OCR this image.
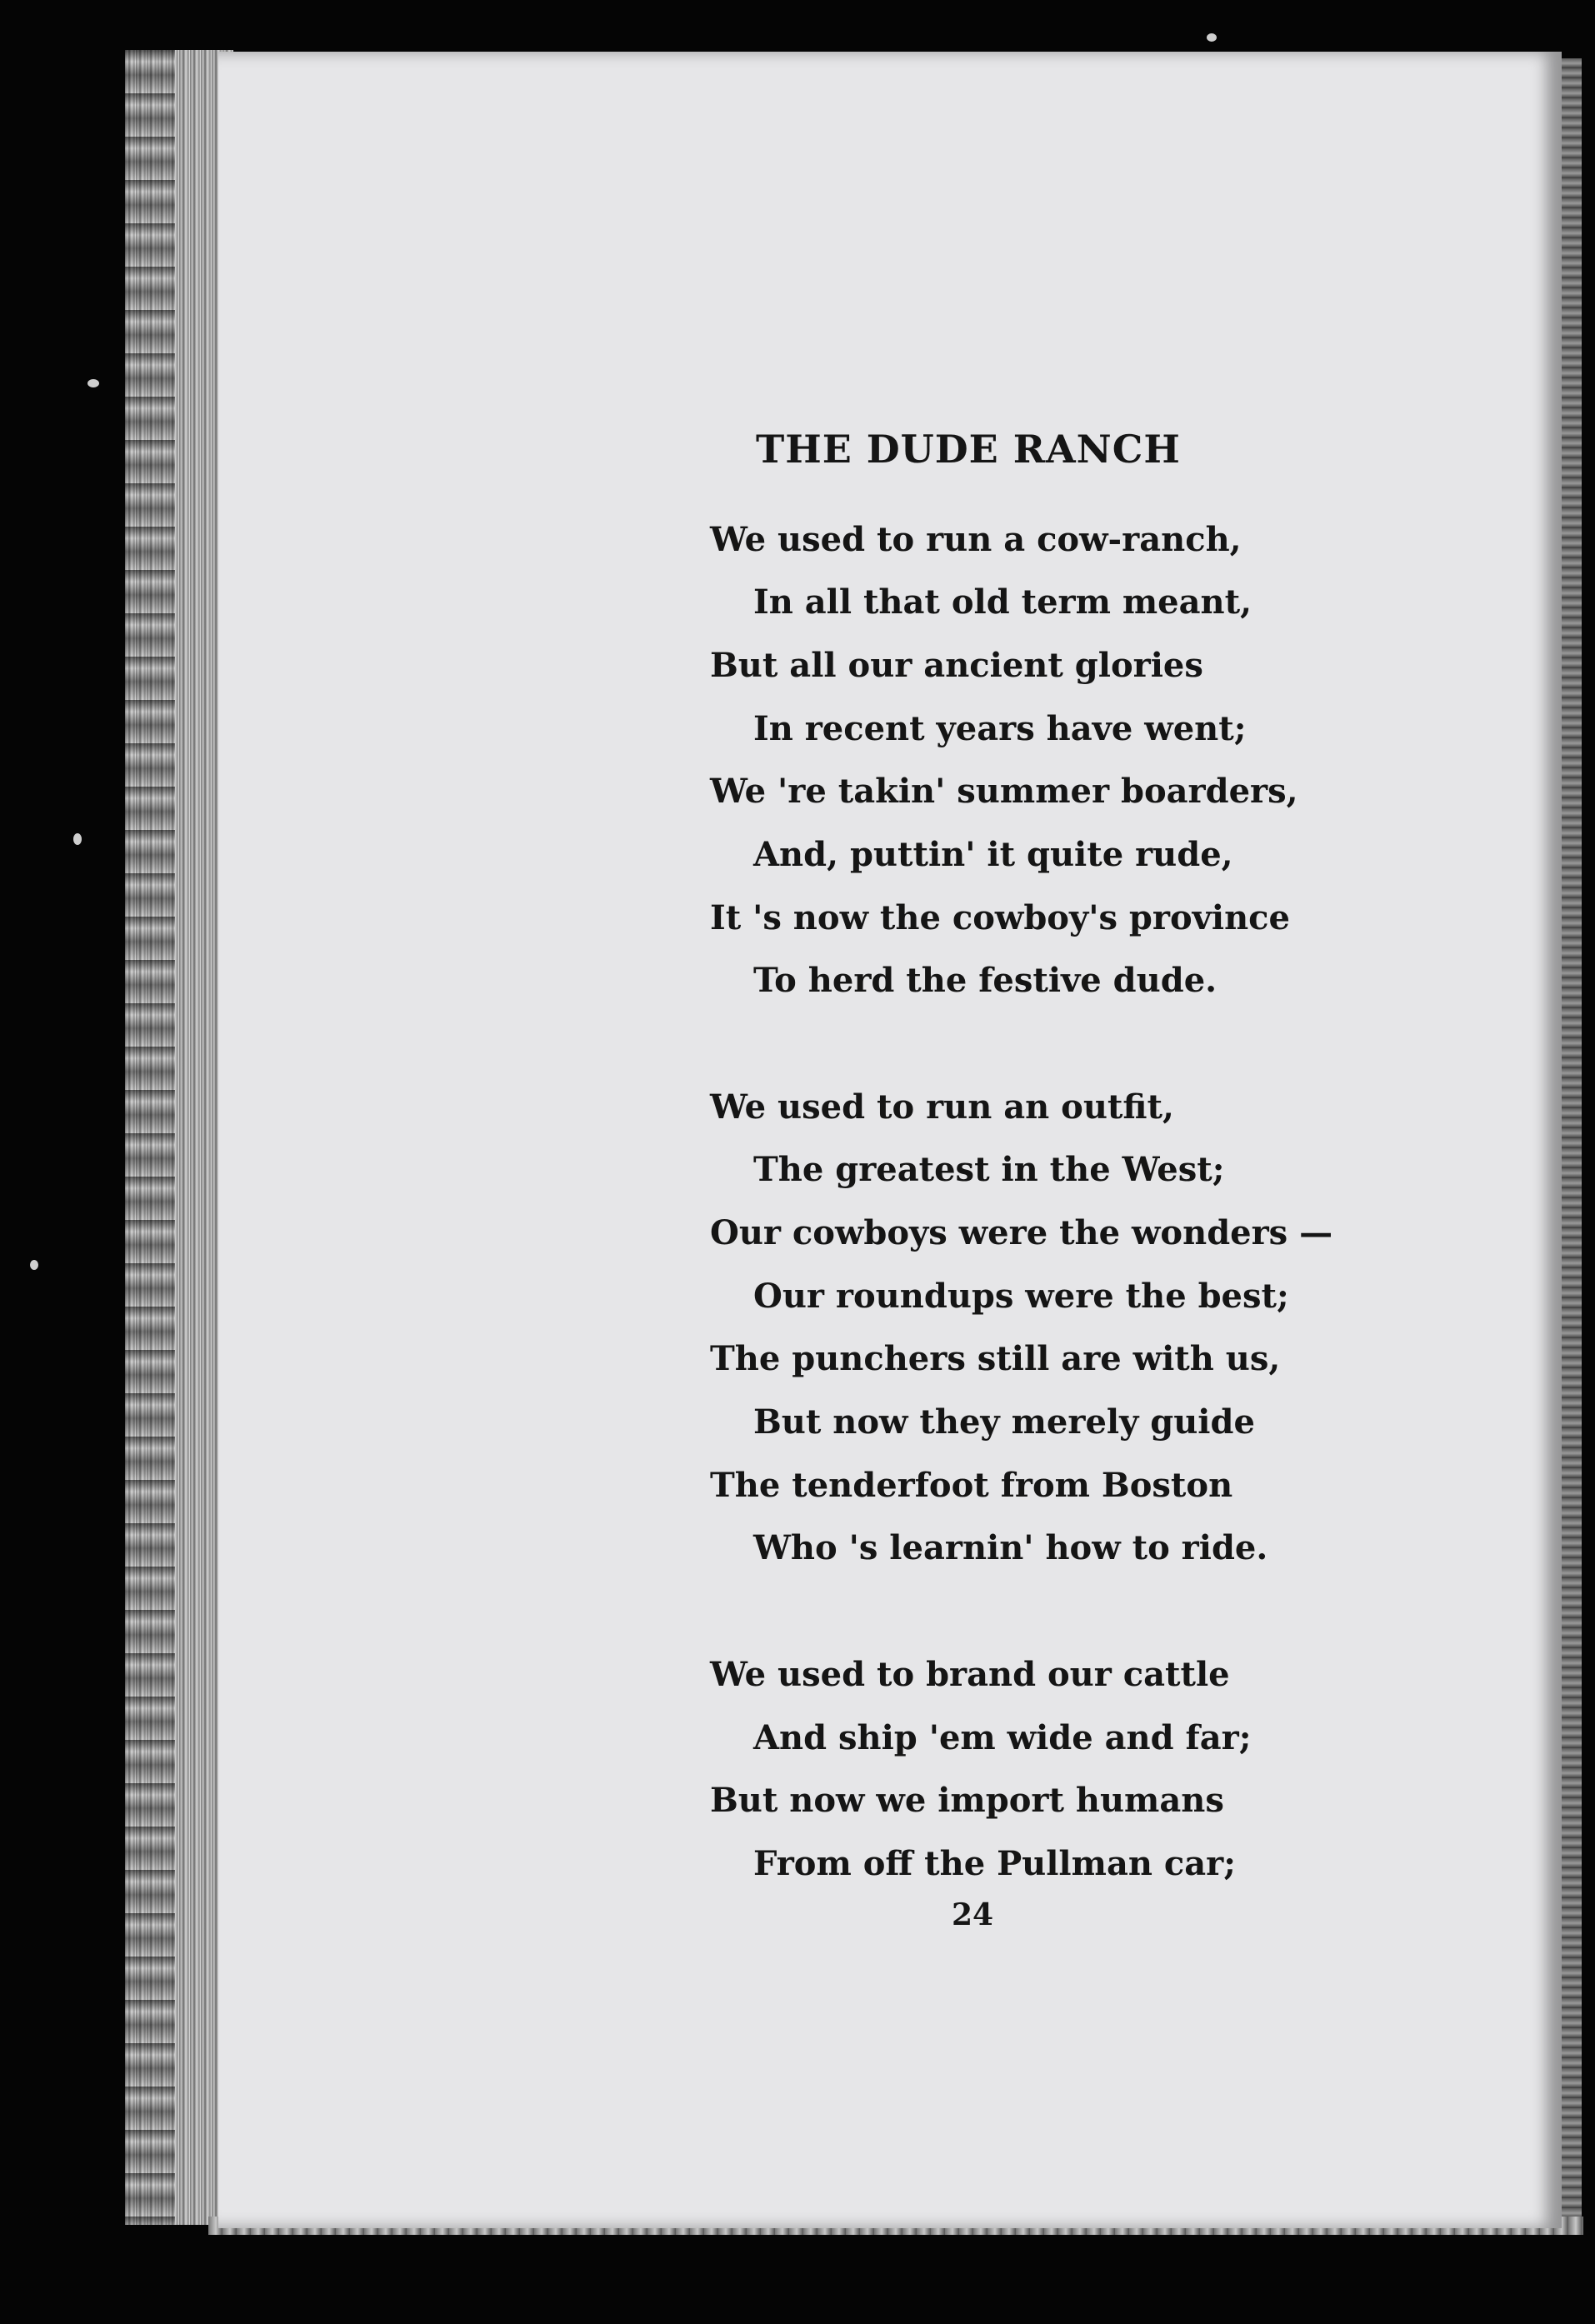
THE DUDE RANCH
We used to run a cow-ranch,
In all that old term meant,
But all our ancient glories
In recent years have went;
We 're takin' summer boarders,
And, puttin' it quite rude,
It 's now the cowboy's province
To herd the festive dude.
We used to run an outfit,
The greatest in the West;
Our cowboys were the wonders —
Our roundups were the best;
The punchers still are with us,
But now they merely guide
The tenderfoot from Boston
Who 's learnin' how to ride.
We used to brand our cattle
And ship 'em wide and far;
But now we import humans
From off the Pullman car;
24
